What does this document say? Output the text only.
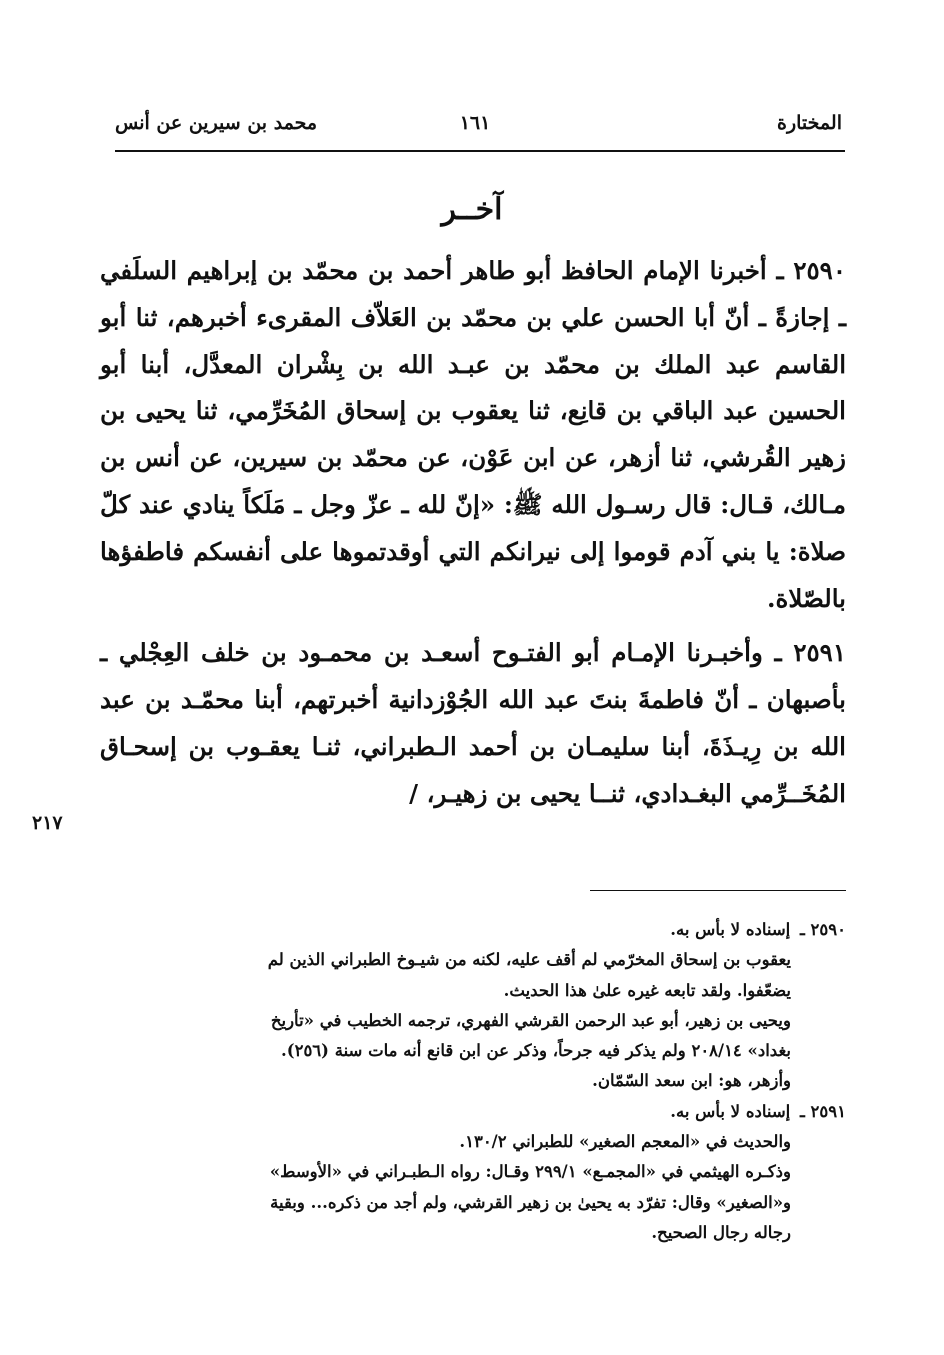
المختارة
١٦١
محمد بن سيرين عن أنس
آخــر

٢٥٩٠ ـ أخبرنا الإمام الحافظ أبو طاهر أحمد بن محمّد بن إبراهيم السلَفي ـ إجازةً ـ أنّ أبا الحسن علي بن محمّد بن العَلاّف المقرىء أخبرهم، ثنا أبو القاسم عبد الملك بن محمّد بن عبـد الله بن بِشْران المعدَّل، أبنا أبو الحسين عبد الباقي بن قانِع، ثنا يعقوب بن إسحاق المُخَرِّمي، ثنا يحيى بن زهير القُرشي، ثنا أزهر، عن ابن عَوْن، عن محمّد بن سيرين، عن أنس بن مـالك، قـال: قال رسـول الله ﷺ: «إنّ لله ـ عزّ وجل ـ مَلَكاً ينادي عند كلّ صلاة: يا بني آدم قوموا إلى نيرانكم التي أوقدتموها على أنفسكم فاطفؤها بالصّلاة.

٢٥٩١ ـ وأخبـرنا الإمـام أبو الفتـوح أسعـد بن محمـود بن خلف العِجْلي ـ بأصبهان ـ أنّ فاطمةَ بنتَ عبد الله الجُوْزدانية أخبرتهم، أبنا محمّـد بن عبد الله بن رِيـذَةَ، أبنا سليمـان بن أحمد الـطبراني، ثنـا يعقـوب بن إسحـاق المُخَــرِّمي البغـدادي، ثنــا يحيى بن زهيـر، /

٢١٧
٢٥٩٠ ـ إسناده لا بأس به.
يعقوب بن إسحاق المخرّمي لم أقف عليه، لكنه من شيـوخ الطبراني الذين لم
يضعّفوا. ولقد تابعه غيره علىٰ هذا الحديث.
ويحيى بن زهير، أبو عبد الرحمن القرشي الفهري، ترجمه الخطيب في «تأريخ
بغداد» ٢٠٨/١٤ ولم يذكر فيه جرحاً، وذكر عن ابن قانع أنه مات سنة (٢٥٦).
وأزهر، هو: ابن سعد السّمّان.
٢٥٩١ ـ إسناده لا بأس به.
والحديث في «المعجم الصغير» للطبراني ١٣٠/٢.
وذكـره الهيثمي في «المجمـع» ٢٩٩/١ وقـال: رواه الـطبـراني في «الأوسط»
و«الصغير» وقال: تفرّد به يحيىٰ بن زهير القرشي، ولم أجد من ذكره... وبقية
رجاله رجال الصحيح.
